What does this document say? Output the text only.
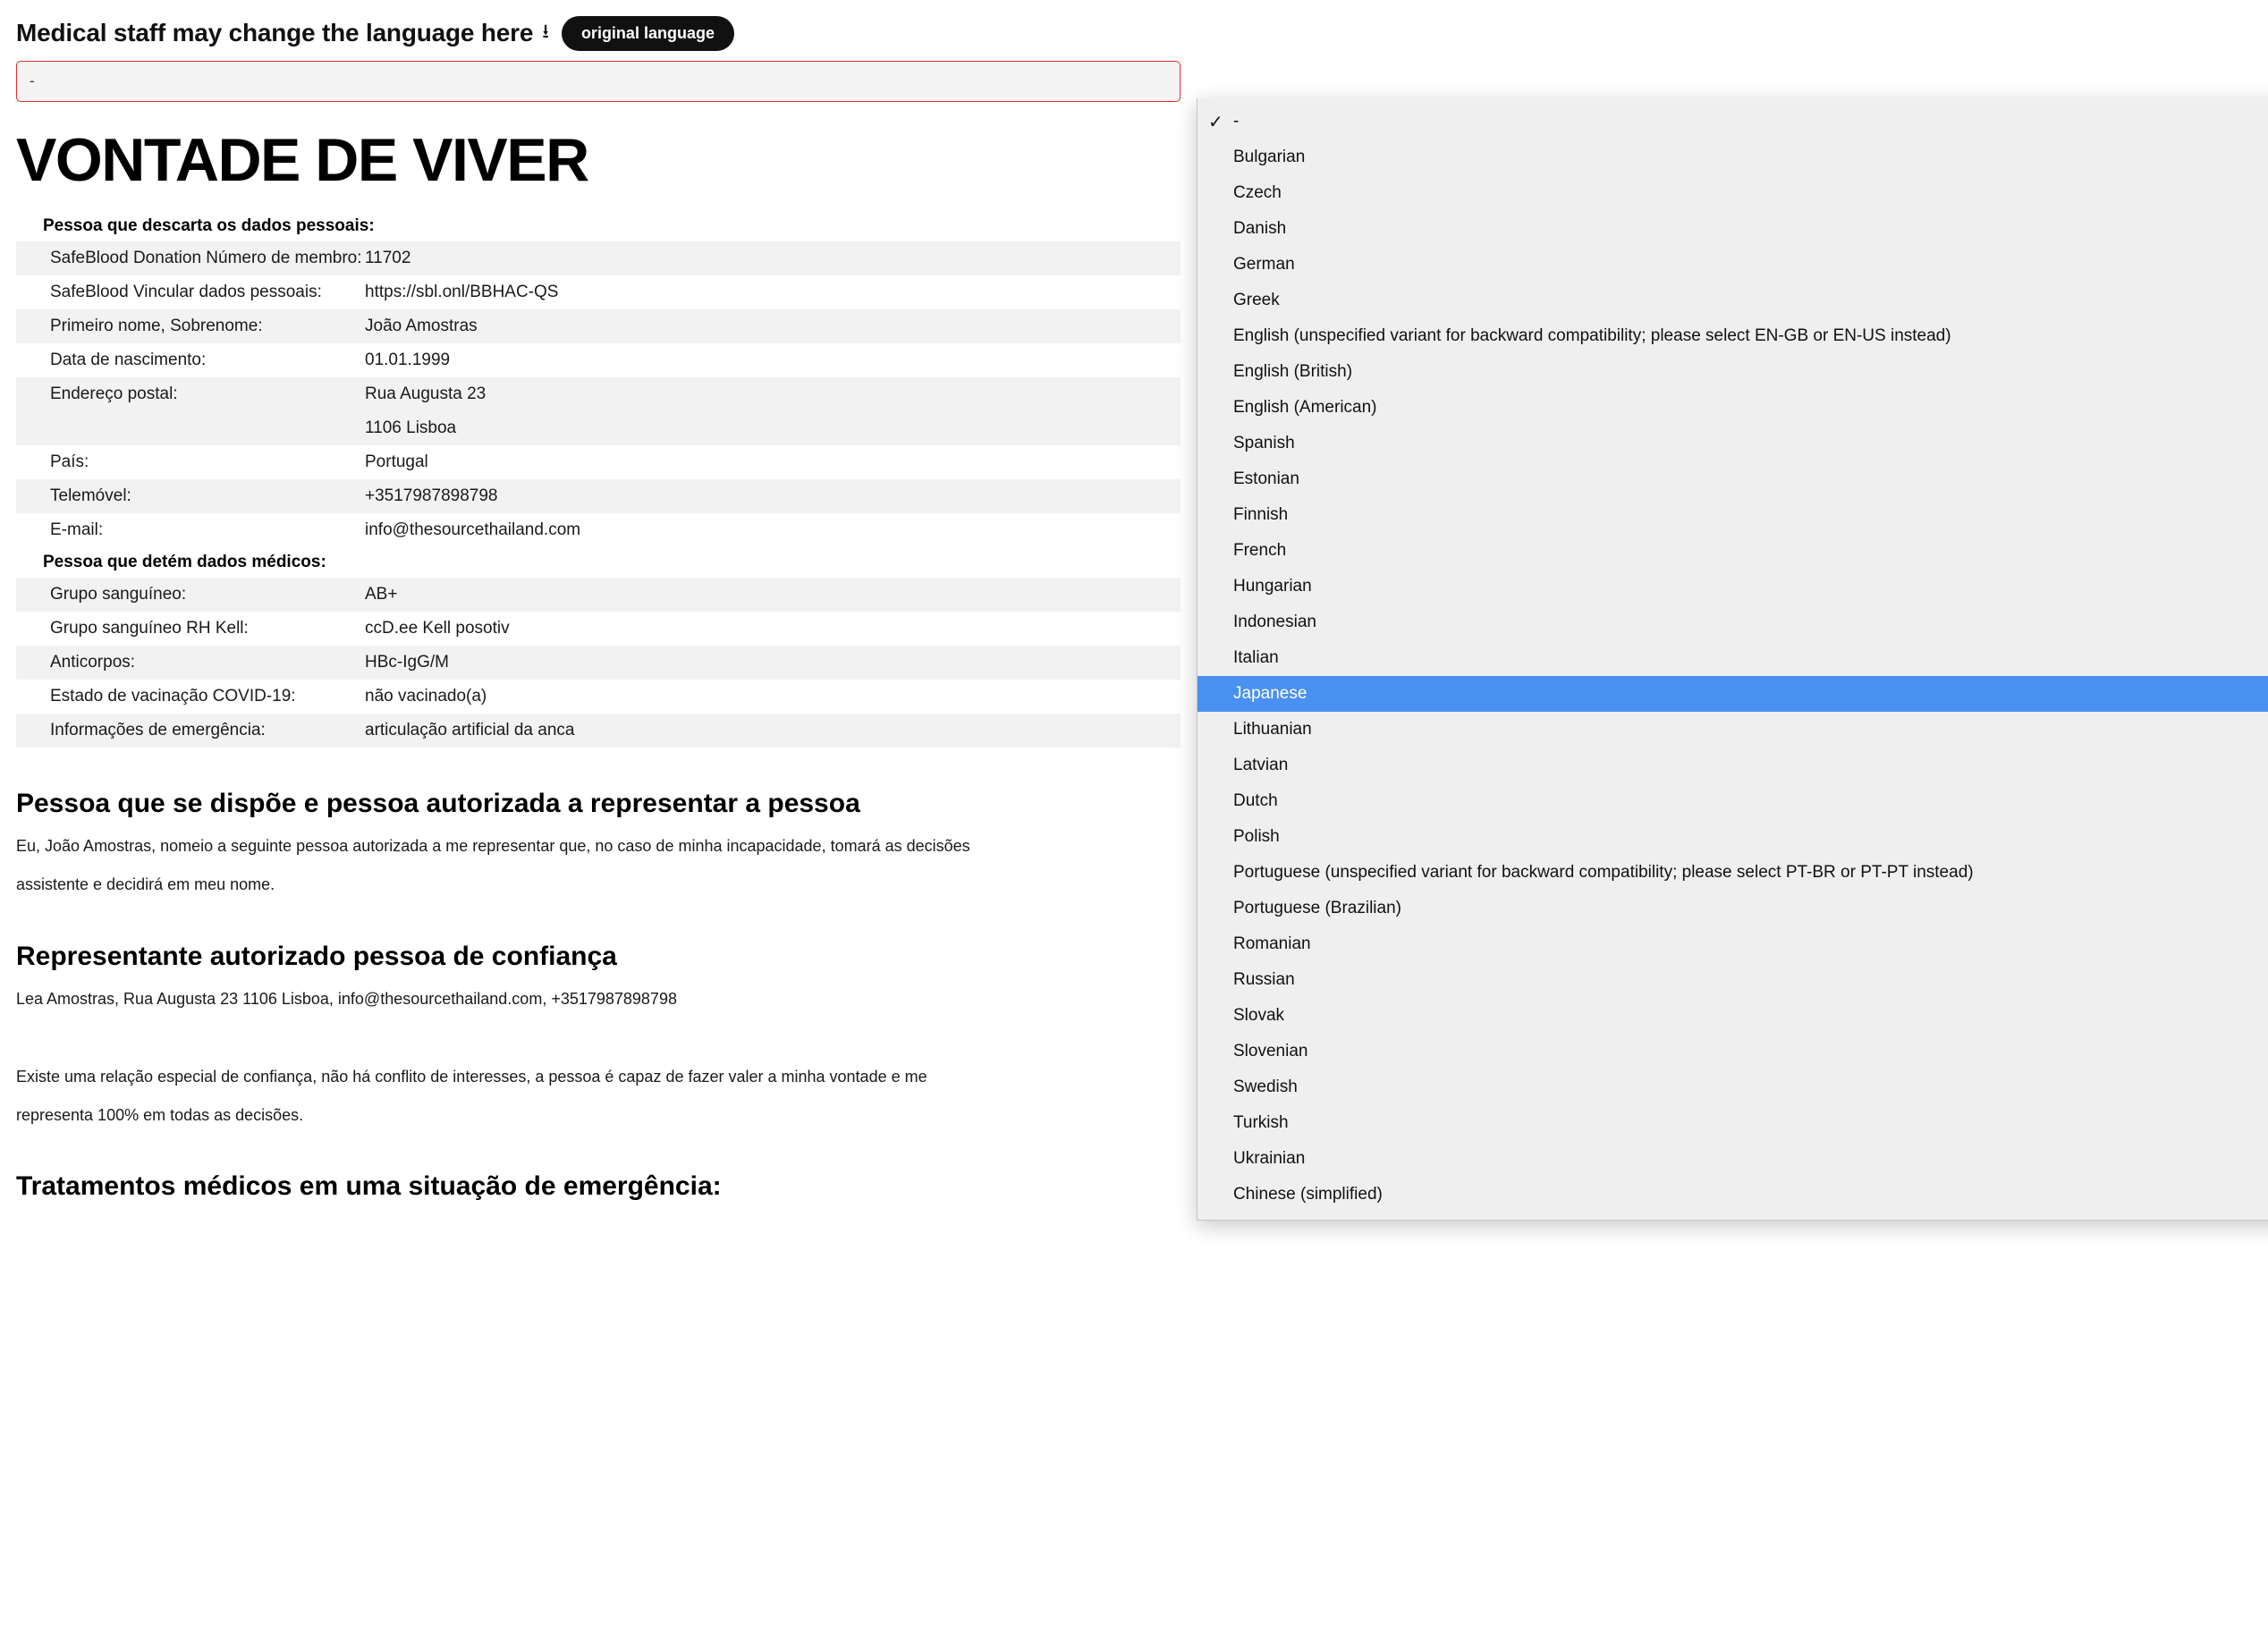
Medical staff may change the language here ⭳	original language
-
VONTADE DE VIVER
Pessoa que descarta os dados pessoais:
SafeBlood Donation Número de membro:	11702
SafeBlood Vincular dados pessoais:	https://sbl.onl/BBHAC-QS
Primeiro nome, Sobrenome:	João Amostras
Data de nascimento:	01.01.1999
Endereço postal:	Rua Augusta 23
	1106 Lisboa
País:	Portugal
Telemóvel:	+3517987898798
E-mail:	info@thesourcethailand.com
Pessoa que detém dados médicos:
Grupo sanguíneo:	AB+
Grupo sanguíneo RH Kell:	ccD.ee Kell posotiv
Anticorpos:	HBc-IgG/M
Estado de vacinação COVID-19:	não vacinado(a)
Informações de emergência:	articulação artificial da anca
Pessoa que se dispõe e pessoa autorizada a representar a pessoa

Eu, João Amostras, nomeio a seguinte pessoa autorizada a me representar que, no caso de minha incapacidade, tomará as decisões

assistente e decidirá em meu nome.

Representante autorizado pessoa de confiança

Lea Amostras, Rua Augusta 23 1106 Lisboa, info@thesourcethailand.com, +3517987898798

Existe uma relação especial de confiança, não há conflito de interesses, a pessoa é capaz de fazer valer a minha vontade e me

representa 100% em todas as decisões.

Tratamentos médicos em uma situação de emergência:

✓ -
Bulgarian
Czech
Danish
German
Greek
English (unspecified variant for backward compatibility; please select EN-GB or EN-US instead)
English (British)
English (American)
Spanish
Estonian
Finnish
French
Hungarian
Indonesian
Italian
Japanese
Lithuanian
Latvian
Dutch
Polish
Portuguese (unspecified variant for backward compatibility; please select PT-BR or PT-PT instead)
Portuguese (Brazilian)
Romanian
Russian
Slovak
Slovenian
Swedish
Turkish
Ukrainian
Chinese (simplified)
